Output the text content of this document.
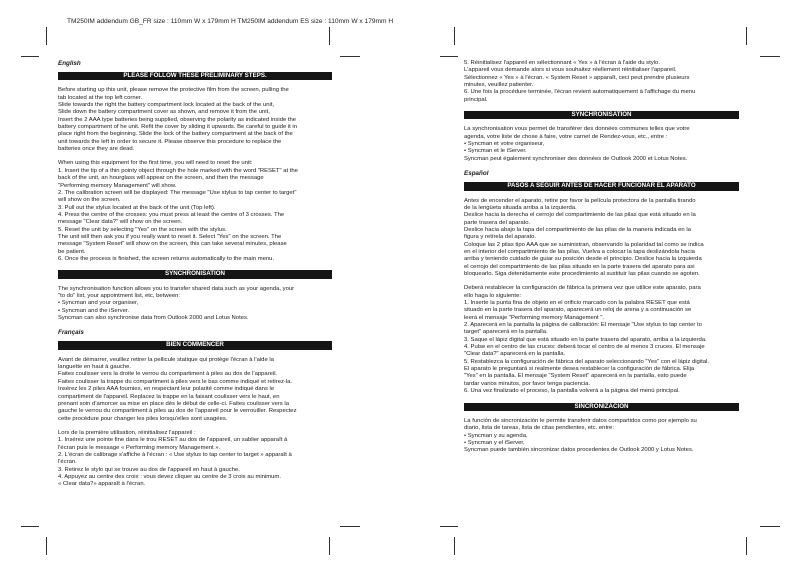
TM250IM addendum GB_FR size : 110mm W x 179mm H TM250IM addendum ES size : 110mm W x 179mm H
English
PLEASE FOLLOW THESE PRELIMINARY STEPS.
Before starting up this unit, please remove the protective film from the screen, pulling the
tab located at the top left corner.
Slide towards the right the battery compartment lock located at the back of the unit,
Slide down the battery compartment cover as shown, and remove it from the unit,
Insert the 2 AAA type batteries being supplied, observing the polarity as indicated inside the
battery compartment of he unit. Refit the cover by sliding it upwards. Be careful to guide it in
place right from the beginning. Slide the lock of the battery compartment at the back of the
unit towards the left in order to secure it. Please observe this procedure to replace the
batteries once they are dead.
When using this equipment for the first time, you will need to reset the unit:
1. Insert the tip of a thin pointy object through the hole marked with the word "RESET" at the
back of the unit, an hourglass will appear on the screen, and then the message
"Performing memory Management" will show.
2. The calibration screen will be displayed: The message "Use stylus to tap center to target"
will show on the screen.
3. Pull out the stylus located at the back of the unit (Top left).
4. Press the centre of the crosses: you must press at least the centre of 3 crosses. The
message "Clear data?" will show on the screen.
5. Reset the unit by selecting "Yes" on the screen with the stylus.
The unit will then ask you if you really want to reset it. Select "Yes" on the screen. The
message "System Reset" will show on the screen, this can take several minutes, please
be patient.
6. Once the process is finished, the screen returns automatically to the main menu.
SYNCHRONISATION
The synchronisation function allows you to transfer shared data such as your agenda, your
"to do" list, your appointment list, etc, between:
• Syncman and your organiser,
• Syncman and the iServer.
Syncman can also synchronise data from Outlook 2000 and Lotus Notes.
Français
BIEN COMMENCER
Avant de démarrer, veuillez retirer la pellicule statique qui protège l'écran à l'aide la
languette en haut à gauche.
Faites coulisser vers la droite le verrou du compartiment à piles au dos de l'appareil.
Faites coulisser la trappe du compartiment à piles vers le bas comme indiqué et retirez-la.
Insérez les 2 piles AAA fournies, en respectant leur polarité comme indiqué dans le
compartiment de l'appareil. Replacez la trappe en la faisant coulisser vers le haut, en
prenant soin d'amorcer sa mise en place dès le début de celle-ci. Faites coulisser vers la
gauche le verrou du compartiment à piles au dos de l'appareil pour le verrouiller. Respectez
cette procédure pour changer les piles lorsqu'elles sont usagées.
Lors de la première utilisation, réinitialisez l'appareil :
1. Insérez une pointe fine dans le trou RESET au dos de l'appareil, un sablier apparaît à
l'écran puis le message « Performing memory Management ».
2. L'écran de calibrage s'affiche à l'écran : « Use stylus to tap center to target » apparaît à
l'écran.
3. Retirez le stylo qui se trouve au dos de l'appareil en haut à gauche.
4. Appuyez au centre des croix : vous devez cliquer au centre de 3 croix au minimum.
« Clear data?» apparaît à l'écran.
5. Réinitialisez l'appareil en sélectionnant « Yes » à l'écran à l'aide du stylo.
L'appareil vous demande alors si vous souhaitez réellement réinitialiser l'appareil.
Sélectionnez « Yes » à l'écran. « System Reset » apparaît, ceci peut prendre plusieurs
minutes, veuillez patienter.
6. Une fois la procédure terminée, l'écran revient automatiquement à l'affichage du menu
principal.
SYNCHRONISATION
La synchronisation vous permet de transférer des données communes telles que votre
agenda, votre liste de chose à faire, votre carnet de Rendez-vous, etc., entre :
• Syncman et votre organiseur,
• Syncman et le iServer.
Syncman peut également synchroniser des données de Outlook 2000 et Lotus Notes.
Español
PASOS A SEGUIR ANTES DE HACER FUNCIONAR EL APARATO
Antes de encender el aparato, retire por favor la película protectora de la pantalla tirando
de la lengüeta situada arriba a la izquierda.
Deslice hacia la derecha el cerrojo del compartimiento de las pilas que está situado en la
parte trasera del aparato.
Deslice hacia abajo la tapa del compartimiento de las pilas de la manera indicada en la
figura y retírela del aparato.
Coloque las 2 pilas tipo AAA que se suministran, observando la polaridad tal como se indica
en el interior del compartimiento de las pilas. Vuelva a colocar la tapa deslizándola hacia
arriba y teniendo cuidado de guiar su posición desde el principio. Deslice hacia la izquierda
el cerrojo del compartimiento de las pilas situado en la parte trasera del aparato para asi
bloquearlo. Siga detenidamente este procedimiento al sustituir las pilas cuando se agoten.
Deberá restablecer la configuración de fábrica la primera vez que utilice este aparato, para
ello haga lo siguiente:
1. Inserte la punta fina de objeto en el orificio marcado con la palabra RESET que está
situado en la parte trasera del aparato, aparecerá un reloj de arena y a continuación se
leerá el mensaje "Performing memory Management ".
2. Aparecerá en la pantalla la página de calibración: El mensaje "Use stylus to tap center to
target" aparecerá en la pantalla.
3. Saque el lápiz digital que está situado en la parte trasera del aparato, arriba a la izquierda.
4. Pulse en el centro de las cruces: deberá tocar el centro de al menos 3 cruces. El mensaje
"Clear data?" aparecerá en la pantalla.
5. Restablezca la configuración de fábrica del aparato seleccionando "Yes" con el lápiz digital.
El aparato le preguntará si realmente desea restablecer la configuración de fábrica. Elija
"Yes" en la pantalla. El mensaje "System Reset" aparecerá en la pantalla, esto puede
tardar varios minutos, por favor tenga paciencia.
6. Una vez finalizado el proceso, la pantalla volverá a la página del menú principal.
SINCRONIZACIÓN
La función de sincronización le permite transferir datos compartidos como por ejemplo su
diario, lista de tareas, lista de citas pendientes, etc. entre:
• Syncman y su agenda,
• Syncman y el iServer,
Syncman puede también sincronizar datos procedentes de Outlook 2000 y Lotus Notes.
